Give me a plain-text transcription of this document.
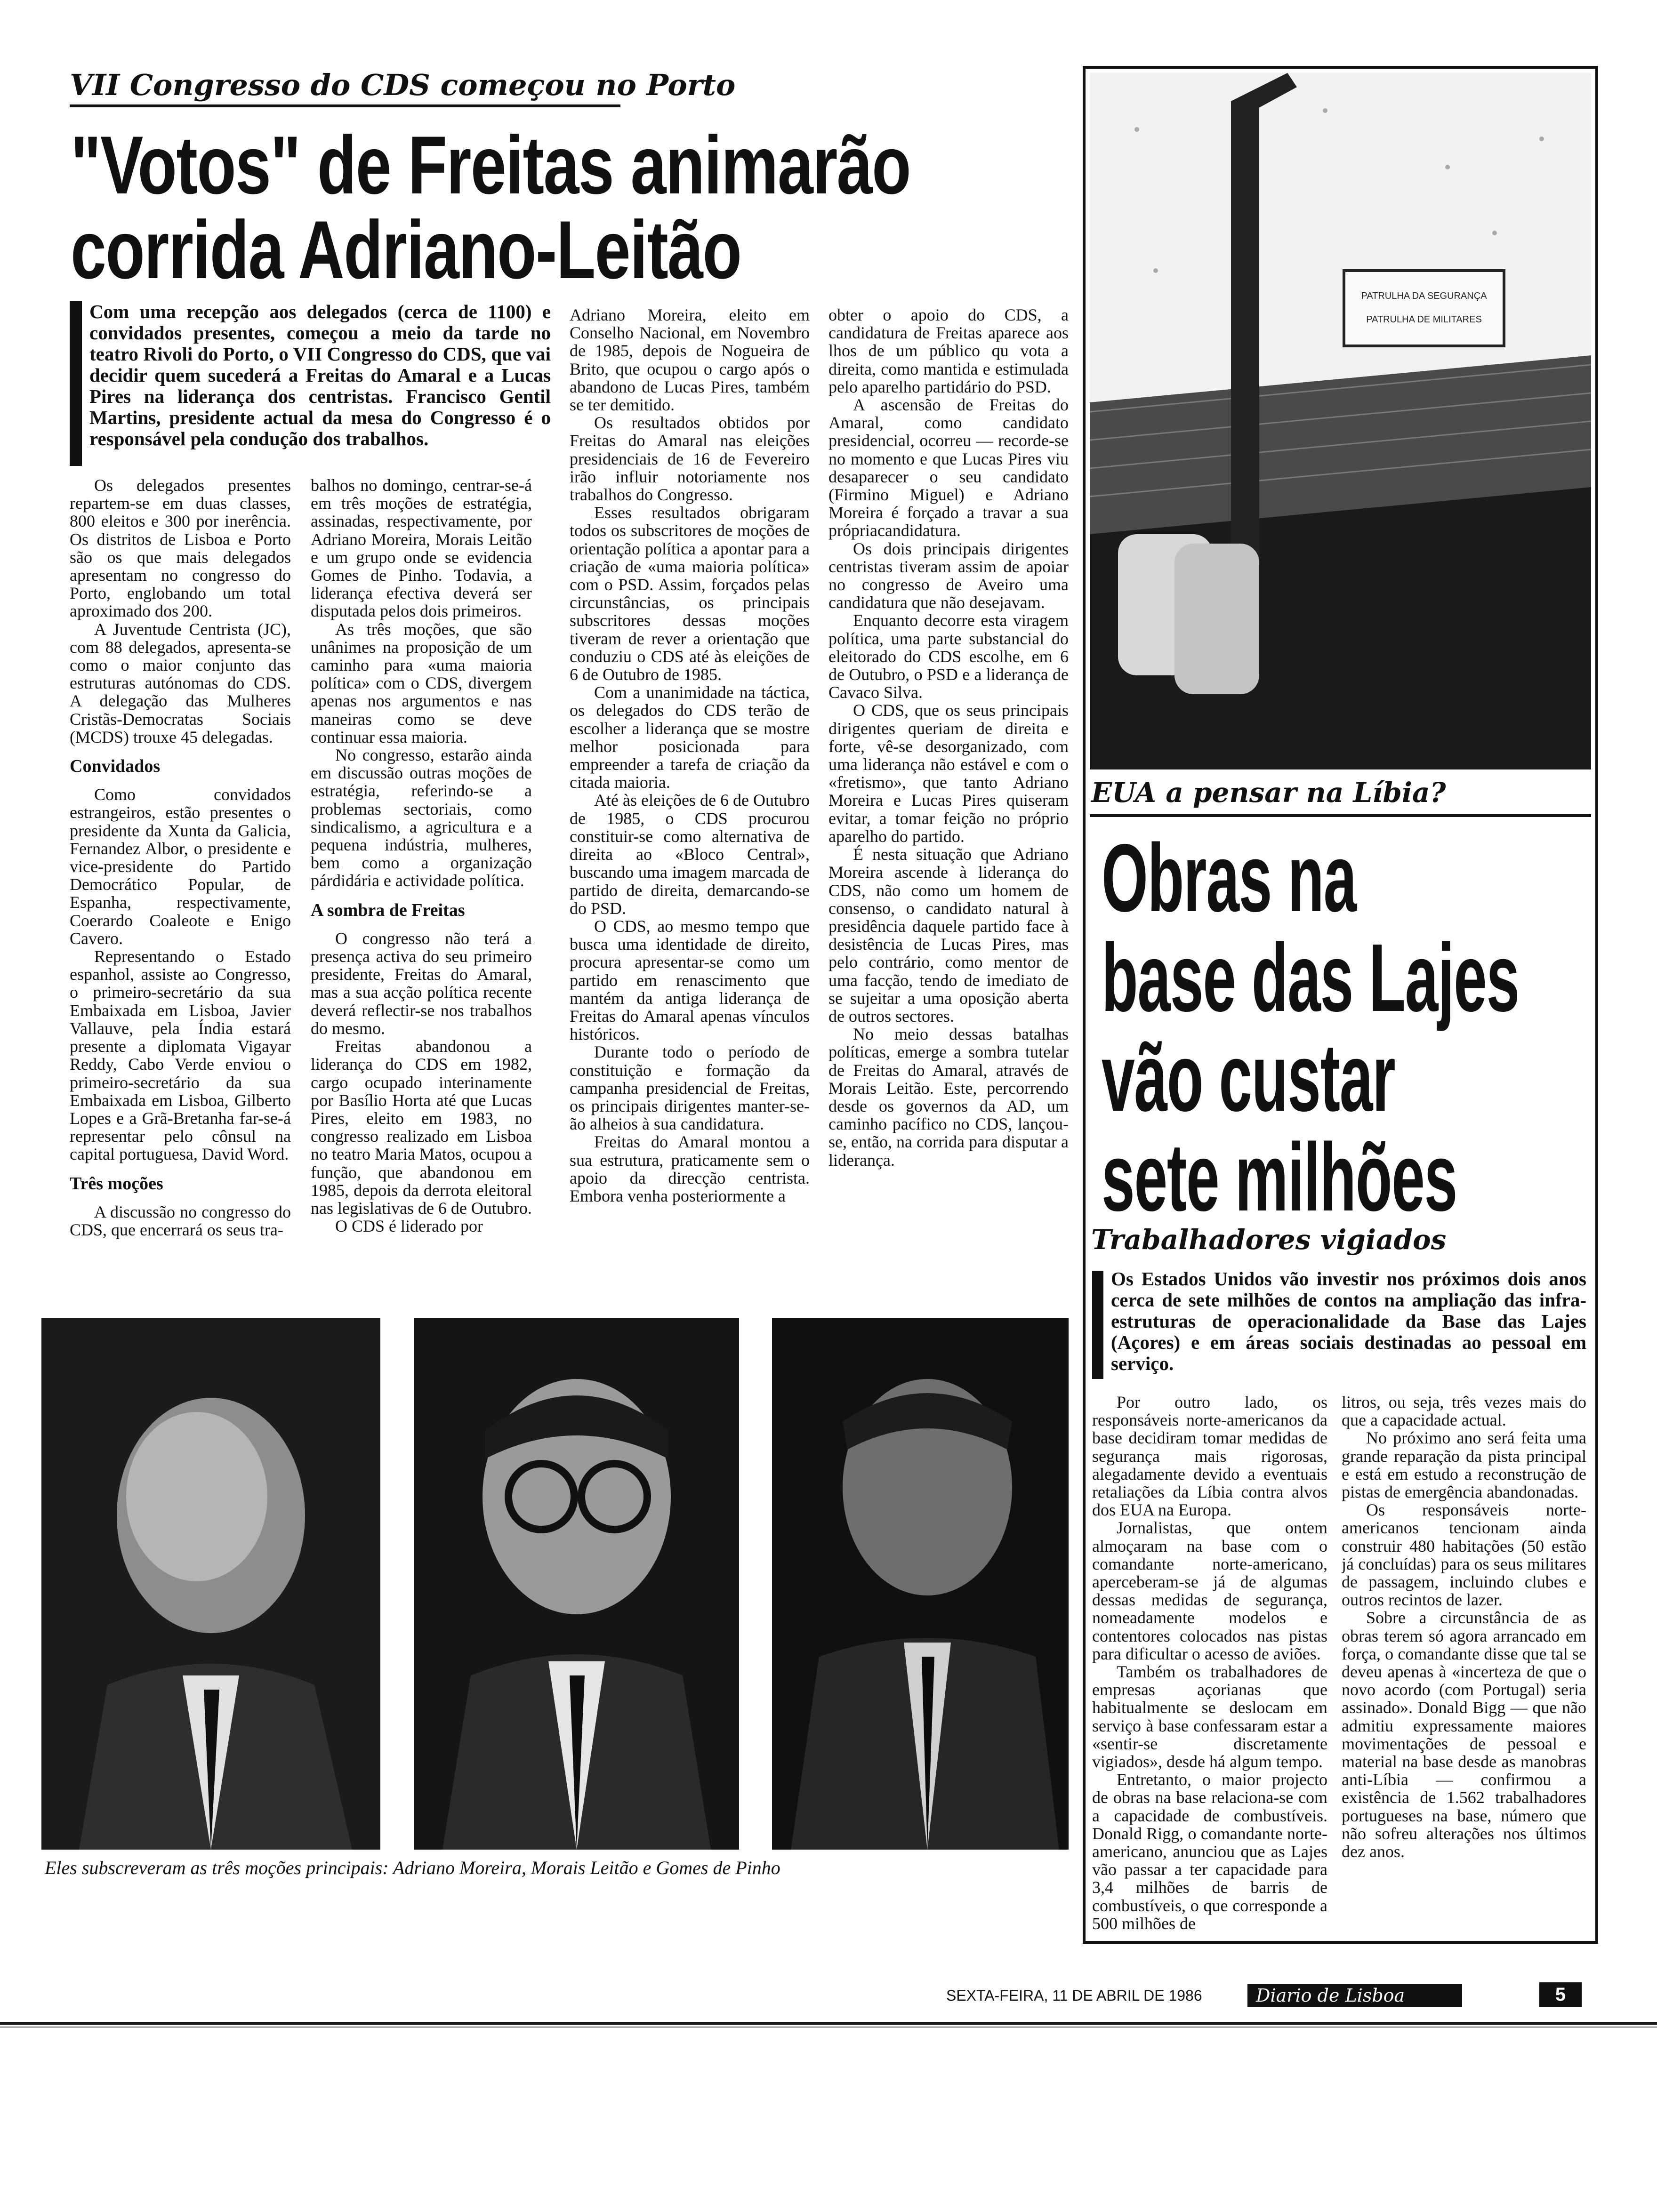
VII Congresso do CDS começou no Porto
"Votos" de Freitas animarão
corrida Adriano-Leitão
Com uma recepção aos delegados (cerca de 1100) e convidados presentes, começou a meio da tarde no teatro Rivoli do Porto, o VII Congresso do CDS, que vai decidir quem sucederá a Freitas do Amaral e a Lucas Pires na liderança dos centristas. Francisco Gentil Martins, presidente actual da mesa do Congresso é o responsável pela condução dos trabalhos.

Os delegados presentes repartem-se em duas classes, 800 eleitos e 300 por inerência. Os distritos de Lisboa e Porto são os que mais delegados apresentam no congresso do Porto, englobando um total aproximado dos 200.

A Juventude Centrista (JC), com 88 delegados, apresenta-se como o maior conjunto das estruturas autónomas do CDS. A delegação das Mulheres Cristãs-Democratas Sociais (MCDS) trouxe 45 delegadas.

Convidados

Como convidados estrangeiros, estão presentes o presidente da Xunta da Galicia, Fernandez Albor, o presidente e vice-presidente do Partido Democrático Popular, de Espanha, respectivamente, Coerardo Coaleote e Enigo Cavero.

Representando o Estado espanhol, assiste ao Congresso, o primeiro-secretário da sua Embaixada em Lisboa, Javier Vallauve, pela Índia estará presente a diplomata Vigayar Reddy, Cabo Verde enviou o primeiro-secretário da sua Embaixada em Lisboa, Gilberto Lopes e a Grã-Bretanha far-se-á representar pelo cônsul na capital portuguesa, David Word.

Três moções

A discussão no congresso do CDS, que encerrará os seus tra-

balhos no domingo, centrar-se-á em três moções de estratégia, assinadas, respectivamente, por Adriano Moreira, Morais Leitão e um grupo onde se evidencia Gomes de Pinho. Todavia, a liderança efectiva deverá ser disputada pelos dois primeiros.

As três moções, que são unânimes na proposição de um caminho para «uma maioria política» com o CDS, divergem apenas nos argumentos e nas maneiras como se deve continuar essa maioria.

No congresso, estarão ainda em discussão outras moções de estratégia, referindo-se a problemas sectoriais, como sindicalismo, a agricultura e a pequena indústria, mulheres, bem como a organização párdidária e actividade política.

A sombra de Freitas

O congresso não terá a presença activa do seu primeiro presidente, Freitas do Amaral, mas a sua acção política recente deverá reflectir-se nos trabalhos do mesmo.

Freitas abandonou a liderança do CDS em 1982, cargo ocupado interinamente por Basílio Horta até que Lucas Pires, eleito em 1983, no congresso realizado em Lisboa no teatro Maria Matos, ocupou a função, que abandonou em 1985, depois da derrota eleitoral nas legislativas de 6 de Outubro.

O CDS é liderado por

Adriano Moreira, eleito em Conselho Nacional, em Novembro de 1985, depois de Nogueira de Brito, que ocupou o cargo após o abandono de Lucas Pires, também se ter demitido.

Os resultados obtidos por Freitas do Amaral nas eleições presidenciais de 16 de Fevereiro irão influir notoriamente nos trabalhos do Congresso.

Esses resultados obrigaram todos os subscritores de moções de orientação política a apontar para a criação de «uma maioria política» com o PSD. Assim, forçados pelas circunstâncias, os principais subscritores dessas moções tiveram de rever a orientação que conduziu o CDS até às eleições de 6 de Outubro de 1985.

Com a unanimidade na táctica, os delegados do CDS terão de escolher a liderança que se mostre melhor posicionada para empreender a tarefa de criação da citada maioria.

Até às eleições de 6 de Outubro de 1985, o CDS procurou constituir-se como alternativa de direita ao «Bloco Central», buscando uma imagem marcada de partido de direita, demarcando-se do PSD.

O CDS, ao mesmo tempo que busca uma identidade de direito, procura apresentar-se como um partido em renascimento que mantém da antiga liderança de Freitas do Amaral apenas vínculos históricos.

Durante todo o período de constituição e formação da campanha presidencial de Freitas, os principais dirigentes manter-se-ão alheios à sua candidatura.

Freitas do Amaral montou a sua estrutura, praticamente sem o apoio da direcção centrista. Embora venha posteriormente a

obter o apoio do CDS, a candidatura de Freitas aparece aos lhos de um público qu vota a direita, como mantida e estimulada pelo aparelho partidário do PSD.

A ascensão de Freitas do Amaral, como candidato presidencial, ocorreu — recorde-se no momento e que Lucas Pires viu desaparecer o seu candidato (Firmino Miguel) e Adriano Moreira é forçado a travar a sua própriacandidatura.

Os dois principais dirigentes centristas tiveram assim de apoiar no congresso de Aveiro uma candidatura que não desejavam.

Enquanto decorre esta viragem política, uma parte substancial do eleitorado do CDS escolhe, em 6 de Outubro, o PSD e a liderança de Cavaco Silva.

O CDS, que os seus principais dirigentes queriam de direita e forte, vê-se desorganizado, com uma liderança não estável e com o «fretismo», que tanto Adriano Moreira e Lucas Pires quiseram evitar, a tomar feição no próprio aparelho do partido.

É nesta situação que Adriano Moreira ascende à liderança do CDS, não como um homem de consenso, o candidato natural à presidência daquele partido face à desistência de Lucas Pires, mas pelo contrário, como mentor de uma facção, tendo de imediato de se sujeitar a uma oposição aberta de outros sectores.

No meio dessas batalhas políticas, emerge a sombra tutelar de Freitas do Amaral, através de Morais Leitão. Este, percorrendo desde os governos da AD, um caminho pacífico no CDS, lançou-se, então, na corrida para disputar a liderança.

Eles subscreveram as três moções principais: Adriano Moreira, Morais Leitão e Gomes de Pinho
PATRULHA DA SEGURANÇA
PATRULHA DE MILITARES
EUA a pensar na Líbia?
Obras na
base das Lajes
vão custar
sete milhões
Trabalhadores vigiados
Os Estados Unidos vão investir nos próximos dois anos cerca de sete milhões de contos na ampliação das infra-estruturas de operacionalidade da Base das Lajes (Açores) e em áreas sociais destinadas ao pessoal em serviço.

Por outro lado, os responsáveis norte-americanos da base decidiram tomar medidas de segurança mais rigorosas, alegadamente devido a eventuais retaliações da Líbia contra alvos dos EUA na Europa.

Jornalistas, que ontem almoçaram na base com o comandante norte-americano, aperceberam-se já de algumas dessas medidas de segurança, nomeadamente modelos e contentores colocados nas pistas para dificultar o acesso de aviões.

Também os trabalhadores de empresas açorianas que habitualmente se deslocam em serviço à base confessaram estar a «sentir-se discretamente vigiados», desde há algum tempo.

Entretanto, o maior projecto de obras na base relaciona-se com a capacidade de combustíveis. Donald Rigg, o comandante norte-americano, anunciou que as Lajes vão passar a ter capacidade para 3,4 milhões de barris de combustíveis, o que corresponde a 500 milhões de

litros, ou seja, três vezes mais do que a capacidade actual.

No próximo ano será feita uma grande reparação da pista principal e está em estudo a reconstrução de pistas de emergência abandonadas.

Os responsáveis norte-americanos tencionam ainda construir 480 habitações (50 estão já concluídas) para os seus militares de passagem, incluindo clubes e outros recintos de lazer.

Sobre a circunstância de as obras terem só agora arrancado em força, o comandante disse que tal se deveu apenas à «incerteza de que o novo acordo (com Portugal) seria assinado». Donald Bigg — que não admitiu expressamente maiores movimentações de pessoal e material na base desde as manobras anti-Líbia — confirmou a existência de 1.562 trabalhadores portugueses na base, número que não sofreu alterações nos últimos dez anos.

SEXTA-FEIRA, 11 DE ABRIL DE 1986	Diario de Lisboa	5
